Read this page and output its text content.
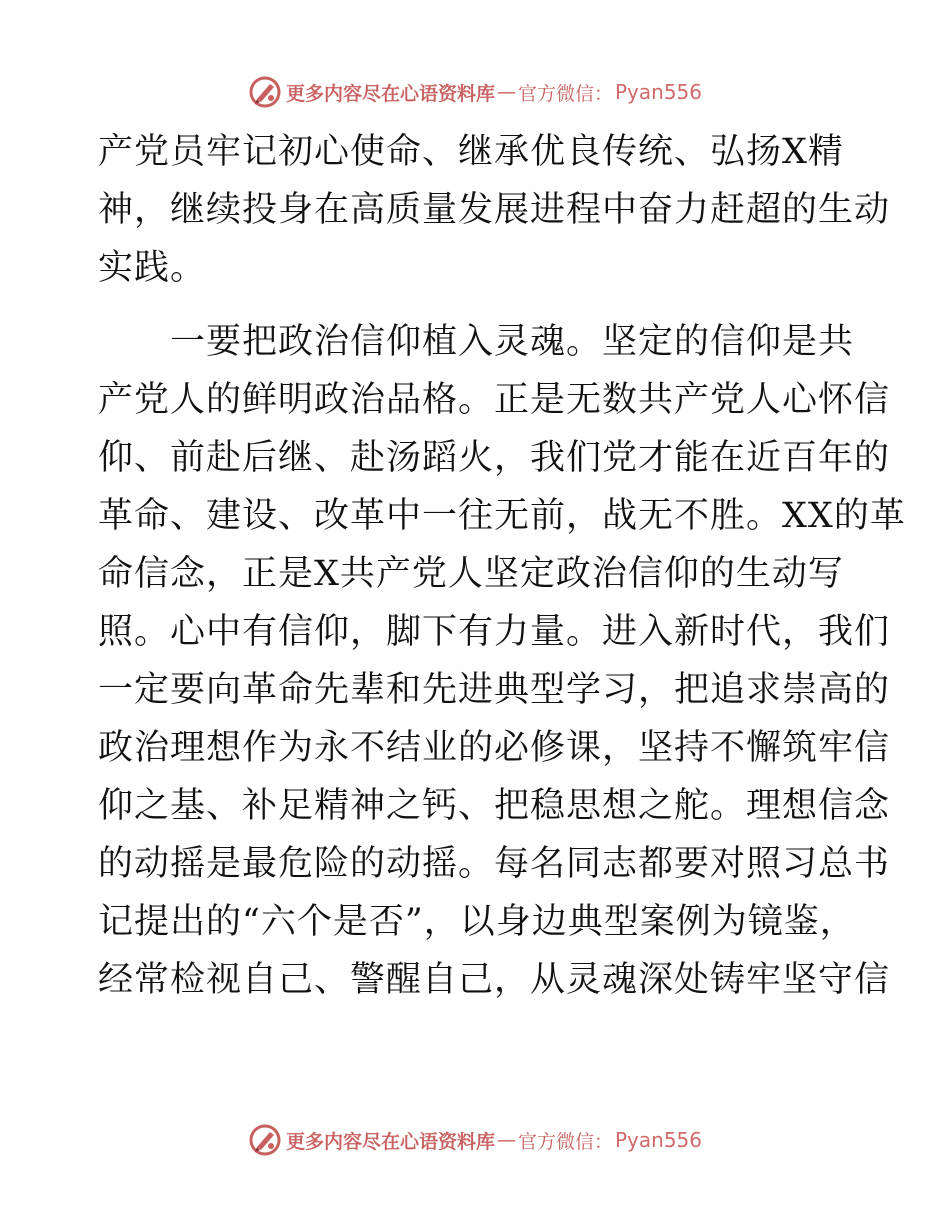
更多内容尽在心语资料库 — 官方微信： Pyan556
产党员牢记初心使命、继承优良传统、弘扬X精
神，继续投身在高质量发展进程中奋力赶超的生动
实践。
　　一要把政治信仰植入灵魂。坚定的信仰是共
产党人的鲜明政治品格。正是无数共产党人心怀信
仰、前赴后继、赴汤蹈火，我们党才能在近百年的
革命、建设、改革中一往无前，战无不胜。XX的革
命信念，正是X共产党人坚定政治信仰的生动写
照。心中有信仰，脚下有力量。进入新时代，我们
一定要向革命先辈和先进典型学习，把追求崇高的
政治理想作为永不结业的必修课，坚持不懈筑牢信
仰之基、补足精神之钙、把稳思想之舵。理想信念
的动摇是最危险的动摇。每名同志都要对照习总书
记提出的“六个是否”，以身边典型案例为镜鉴，
经常检视自己、警醒自己，从灵魂深处铸牢坚守信
更多内容尽在心语资料库 — 官方微信： Pyan556
